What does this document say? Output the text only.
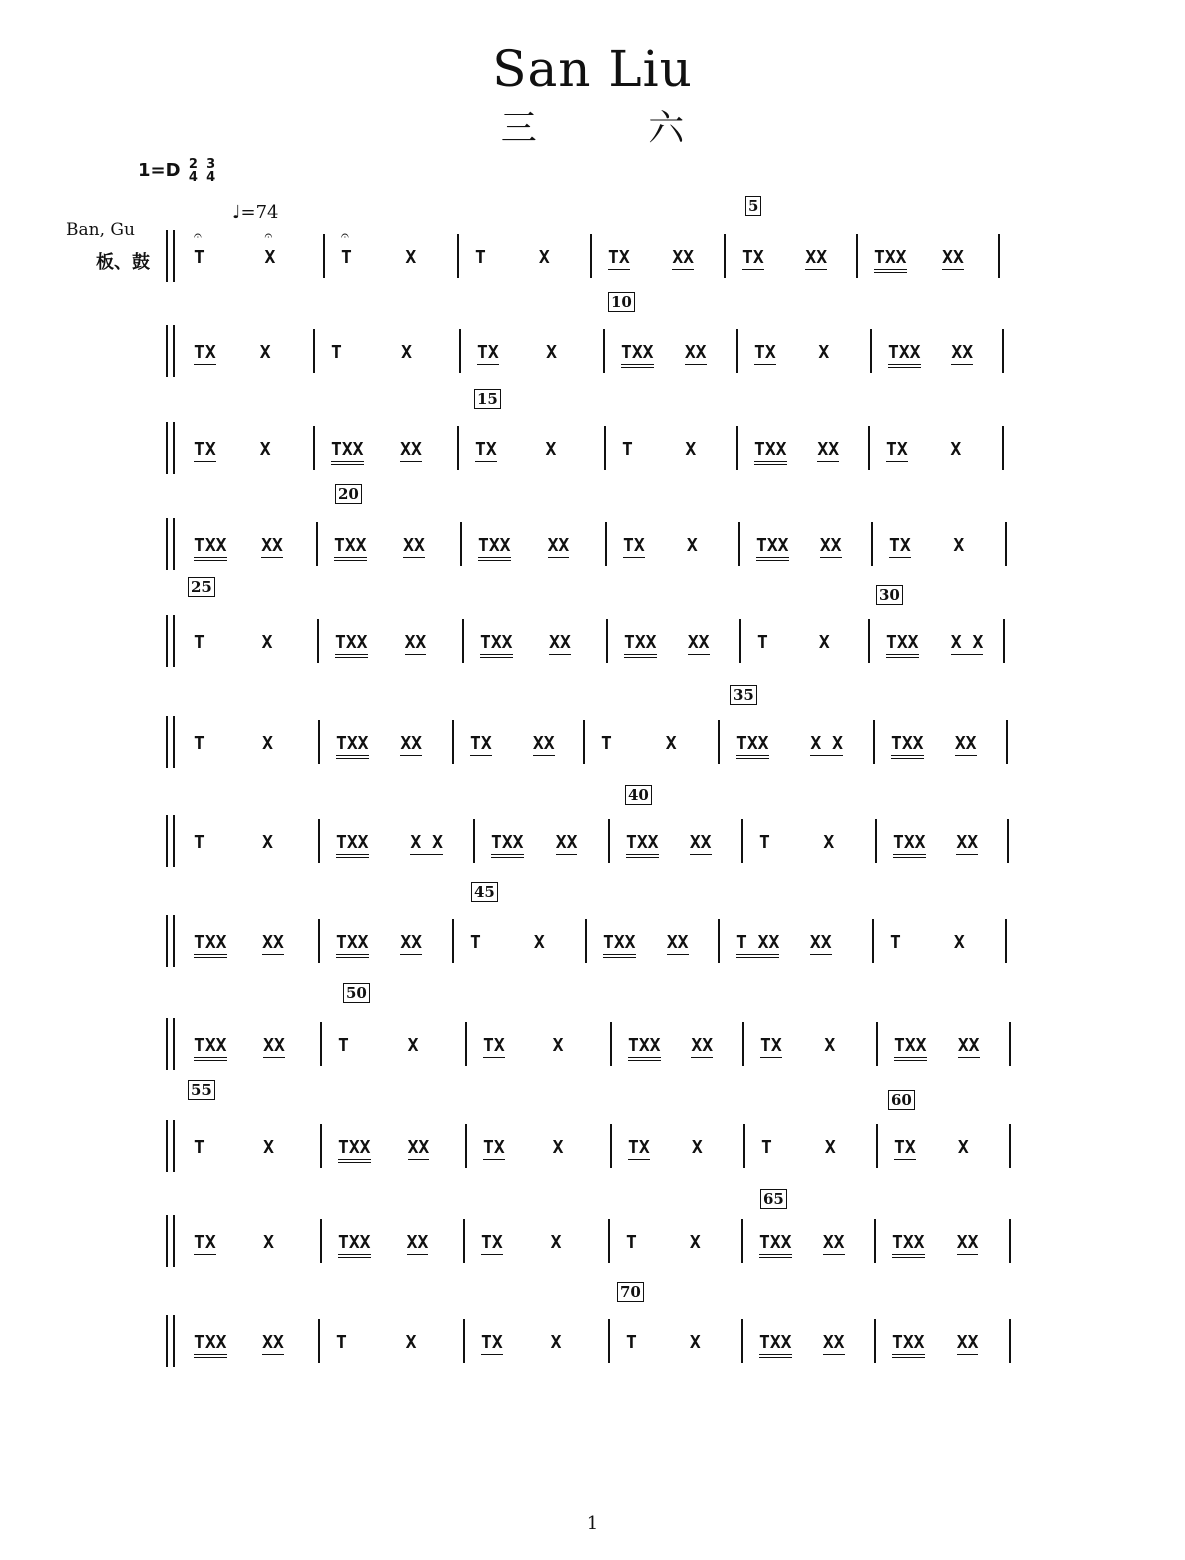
San Liu
三 六
1=D 2
4

3
4
♩=74
Ban, Gu
板、鼓 T	X	T	X	T	X	TX XX	TX XX	TXX XX
𝄐	𝄐	𝄐
5
TX X	T	X	TX	X	TXX XX	TX X	TXX XX
10
TX X	TXX XX	TX	X	T	X	TXX XX	TX X
15
TXX XX	TXX XX	TXX XX	TX X	TXX XX	TX X
20
T	X	TXX XX	TXX XX	TXX XX	T	X	TXX X X
25	30
T	X	TXX XX	TX XX	T	X	TXX X X	TXX XX
35
T	X	TXX X X	TXX XX	TXX XX	T	X	TXX XX
40
TXX XX	TXX XX	T	X	TXX XX	T XX XX	T	X
45
TXX XX	T	X	TX	X	TXX XX	TX X	TXX XX
50
T	X	TXX XX	TX	X	TX X	T	X	TX X
55
60
TX	X	TXX XX	TX	X	T	X	TXX XX	TXX XX
65
TXX XX	T	X	TX	X	T	X	TXX XX	TXX XX
70
1
